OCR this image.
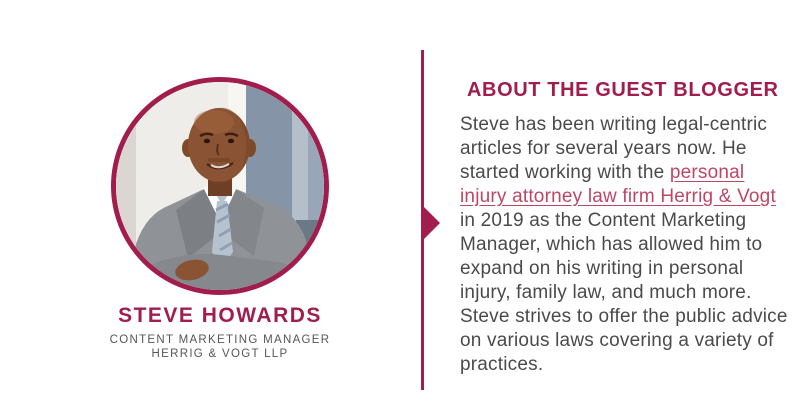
STEVE HOWARDS
CONTENT MARKETING MANAGER
HERRIG & VOGT LLP
ABOUT THE GUEST BLOGGER
Steve has been writing legal-centric
articles for several years now. He
started working with the personal
injury attorney law firm Herrig & Vogt
in 2019 as the Content Marketing
Manager, which has allowed him to
expand on his writing in personal
injury, family law, and much more.
Steve strives to offer the public advice
on various laws covering a variety of
practices.
